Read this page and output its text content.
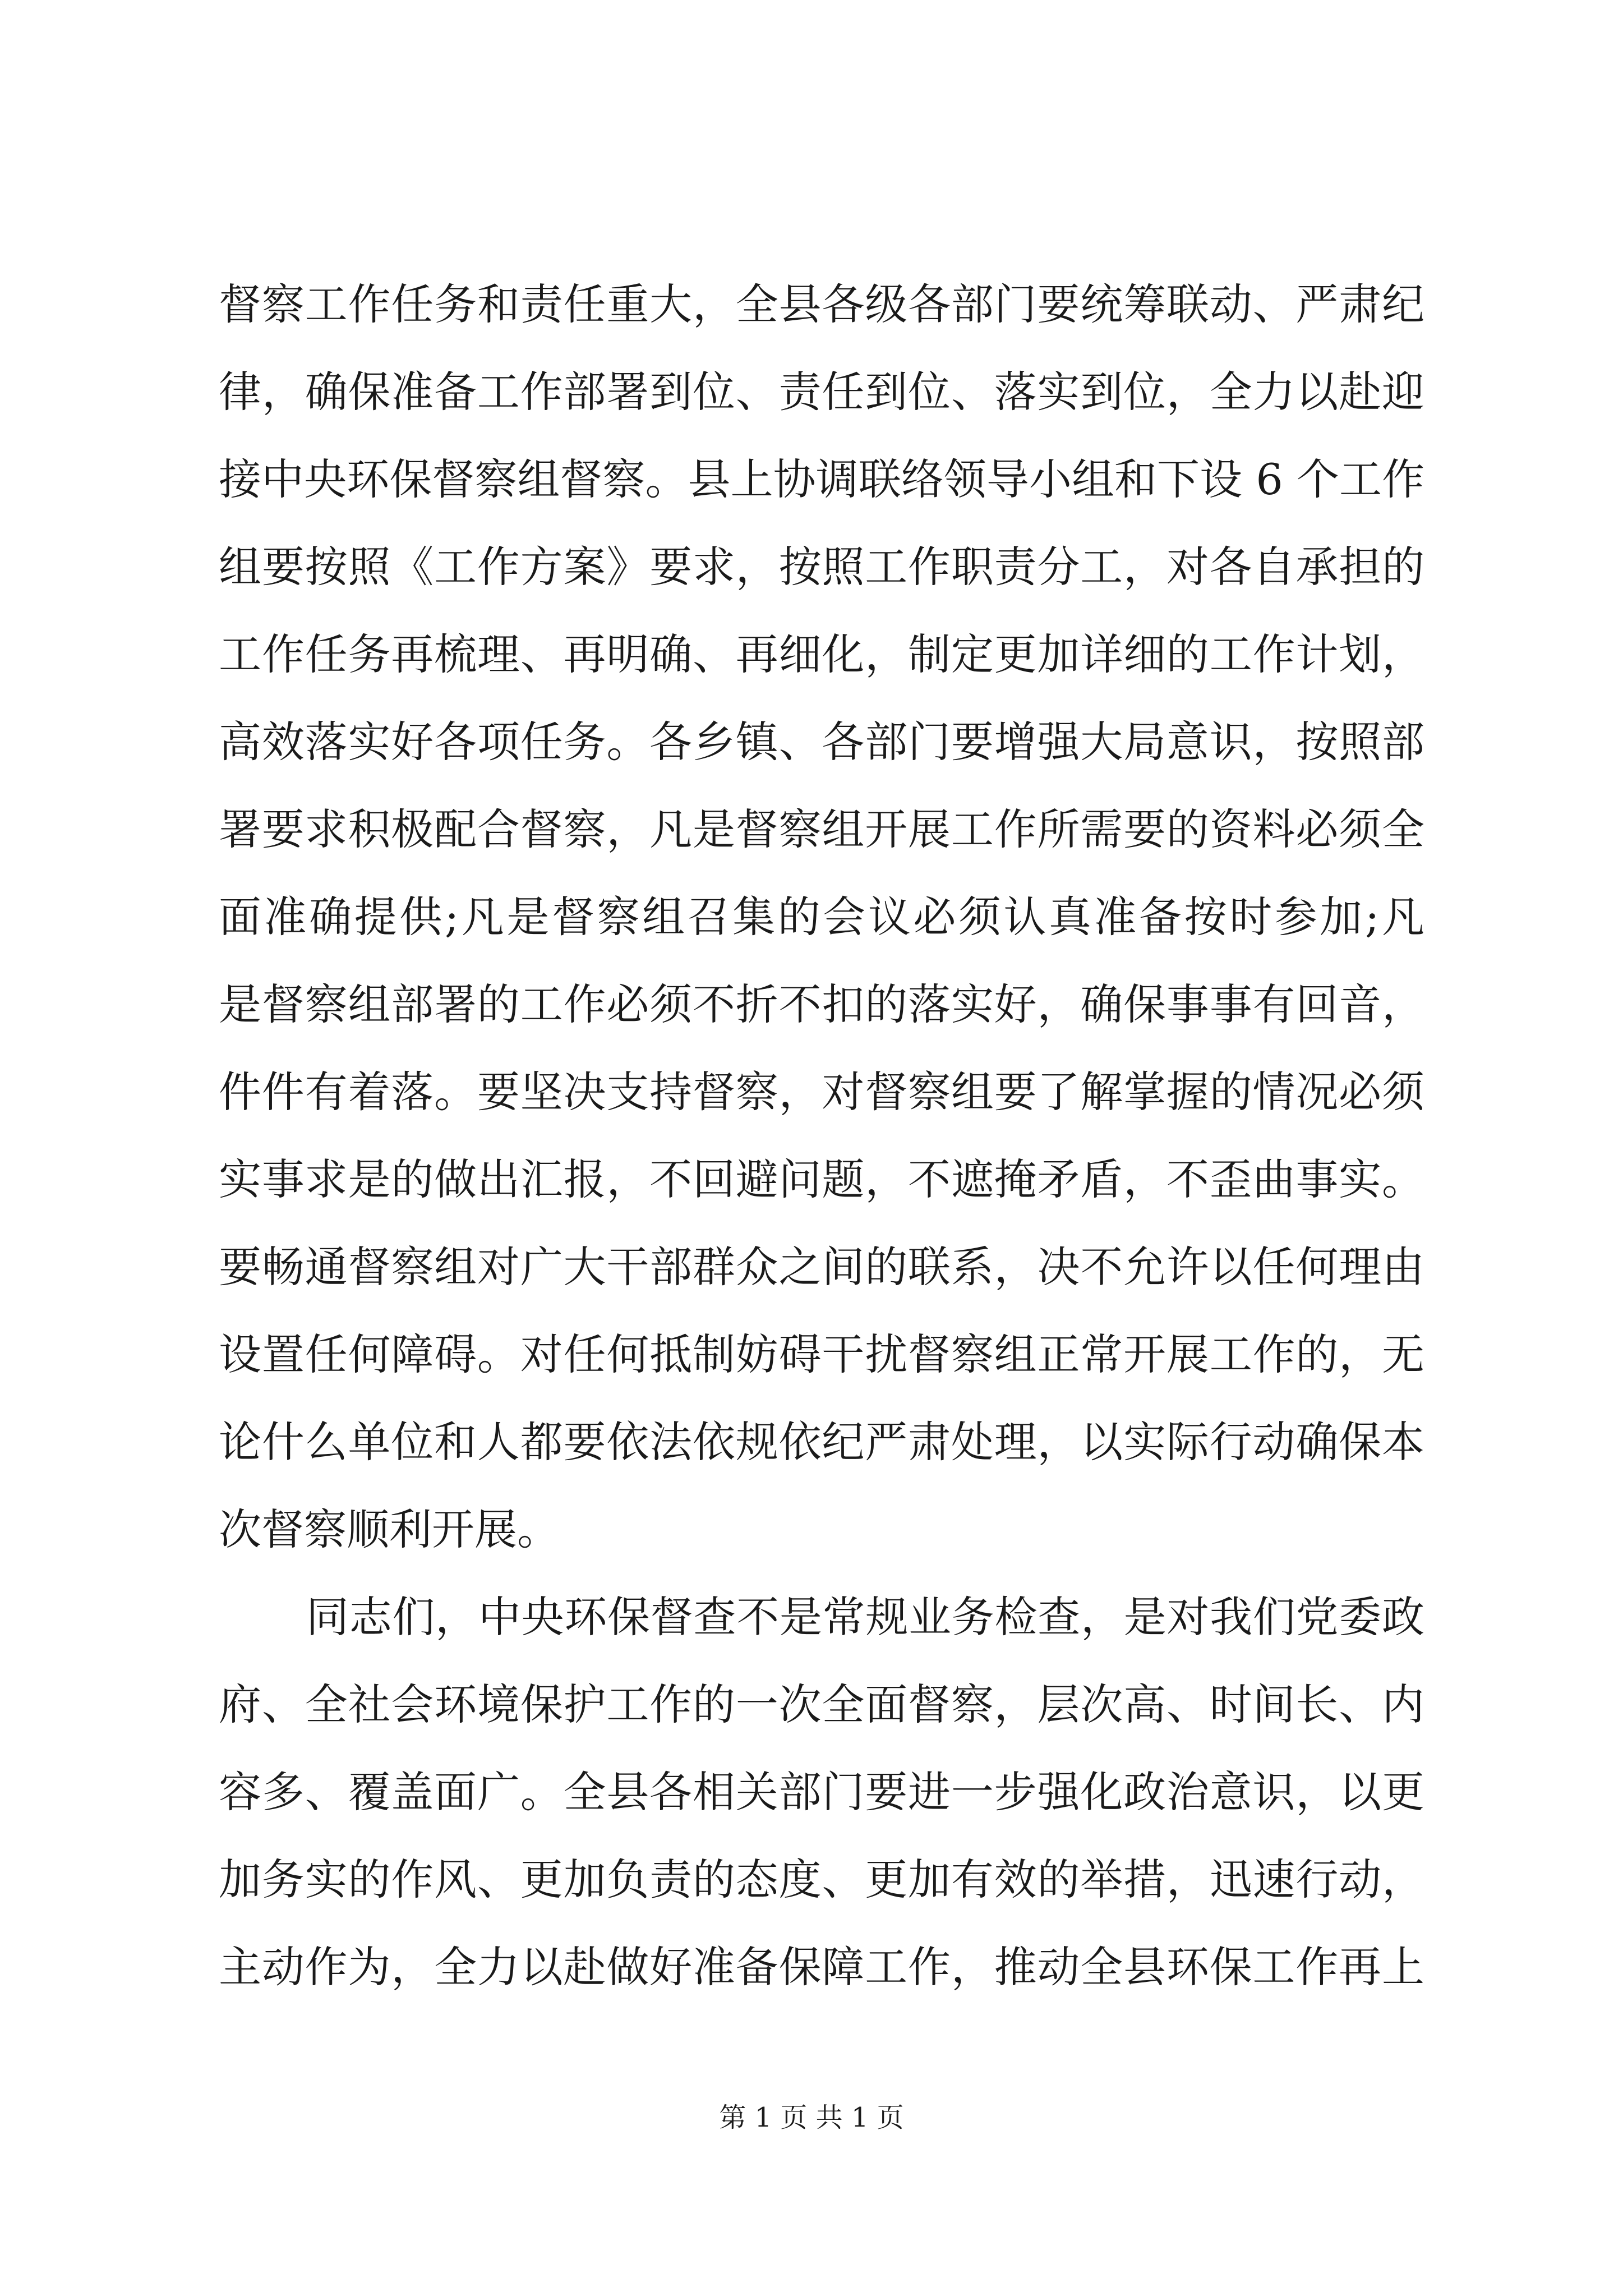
督察工作任务和责任重大，全县各级各部门要统筹联动、严肃纪
律，确保准备工作部署到位、责任到位、落实到位，全力以赴迎
接中央环保督察组督察。县上协调联络领导小组和下设 6 个工作
组要按照《工作方案》要求，按照工作职责分工，对各自承担的
工作任务再梳理、再明确、再细化，制定更加详细的工作计划，
高效落实好各项任务。各乡镇、各部门要增强大局意识，按照部
署要求积极配合督察，凡是督察组开展工作所需要的资料必须全
面准确提供;凡是督察组召集的会议必须认真准备按时参加;凡
是督察组部署的工作必须不折不扣的落实好，确保事事有回音，
件件有着落。要坚决支持督察，对督察组要了解掌握的情况必须
实事求是的做出汇报，不回避问题，不遮掩矛盾，不歪曲事实。
要畅通督察组对广大干部群众之间的联系，决不允许以任何理由
设置任何障碍。对任何抵制妨碍干扰督察组正常开展工作的，无
论什么单位和人都要依法依规依纪严肃处理，以实际行动确保本
次督察顺利开展。
同志们，中央环保督查不是常规业务检查，是对我们党委政
府、全社会环境保护工作的一次全面督察，层次高、时间长、内
容多、覆盖面广。全县各相关部门要进一步强化政治意识，以更
加务实的作风、更加负责的态度、更加有效的举措，迅速行动，
主动作为，全力以赴做好准备保障工作，推动全县环保工作再上
第 1 页 共 1 页
